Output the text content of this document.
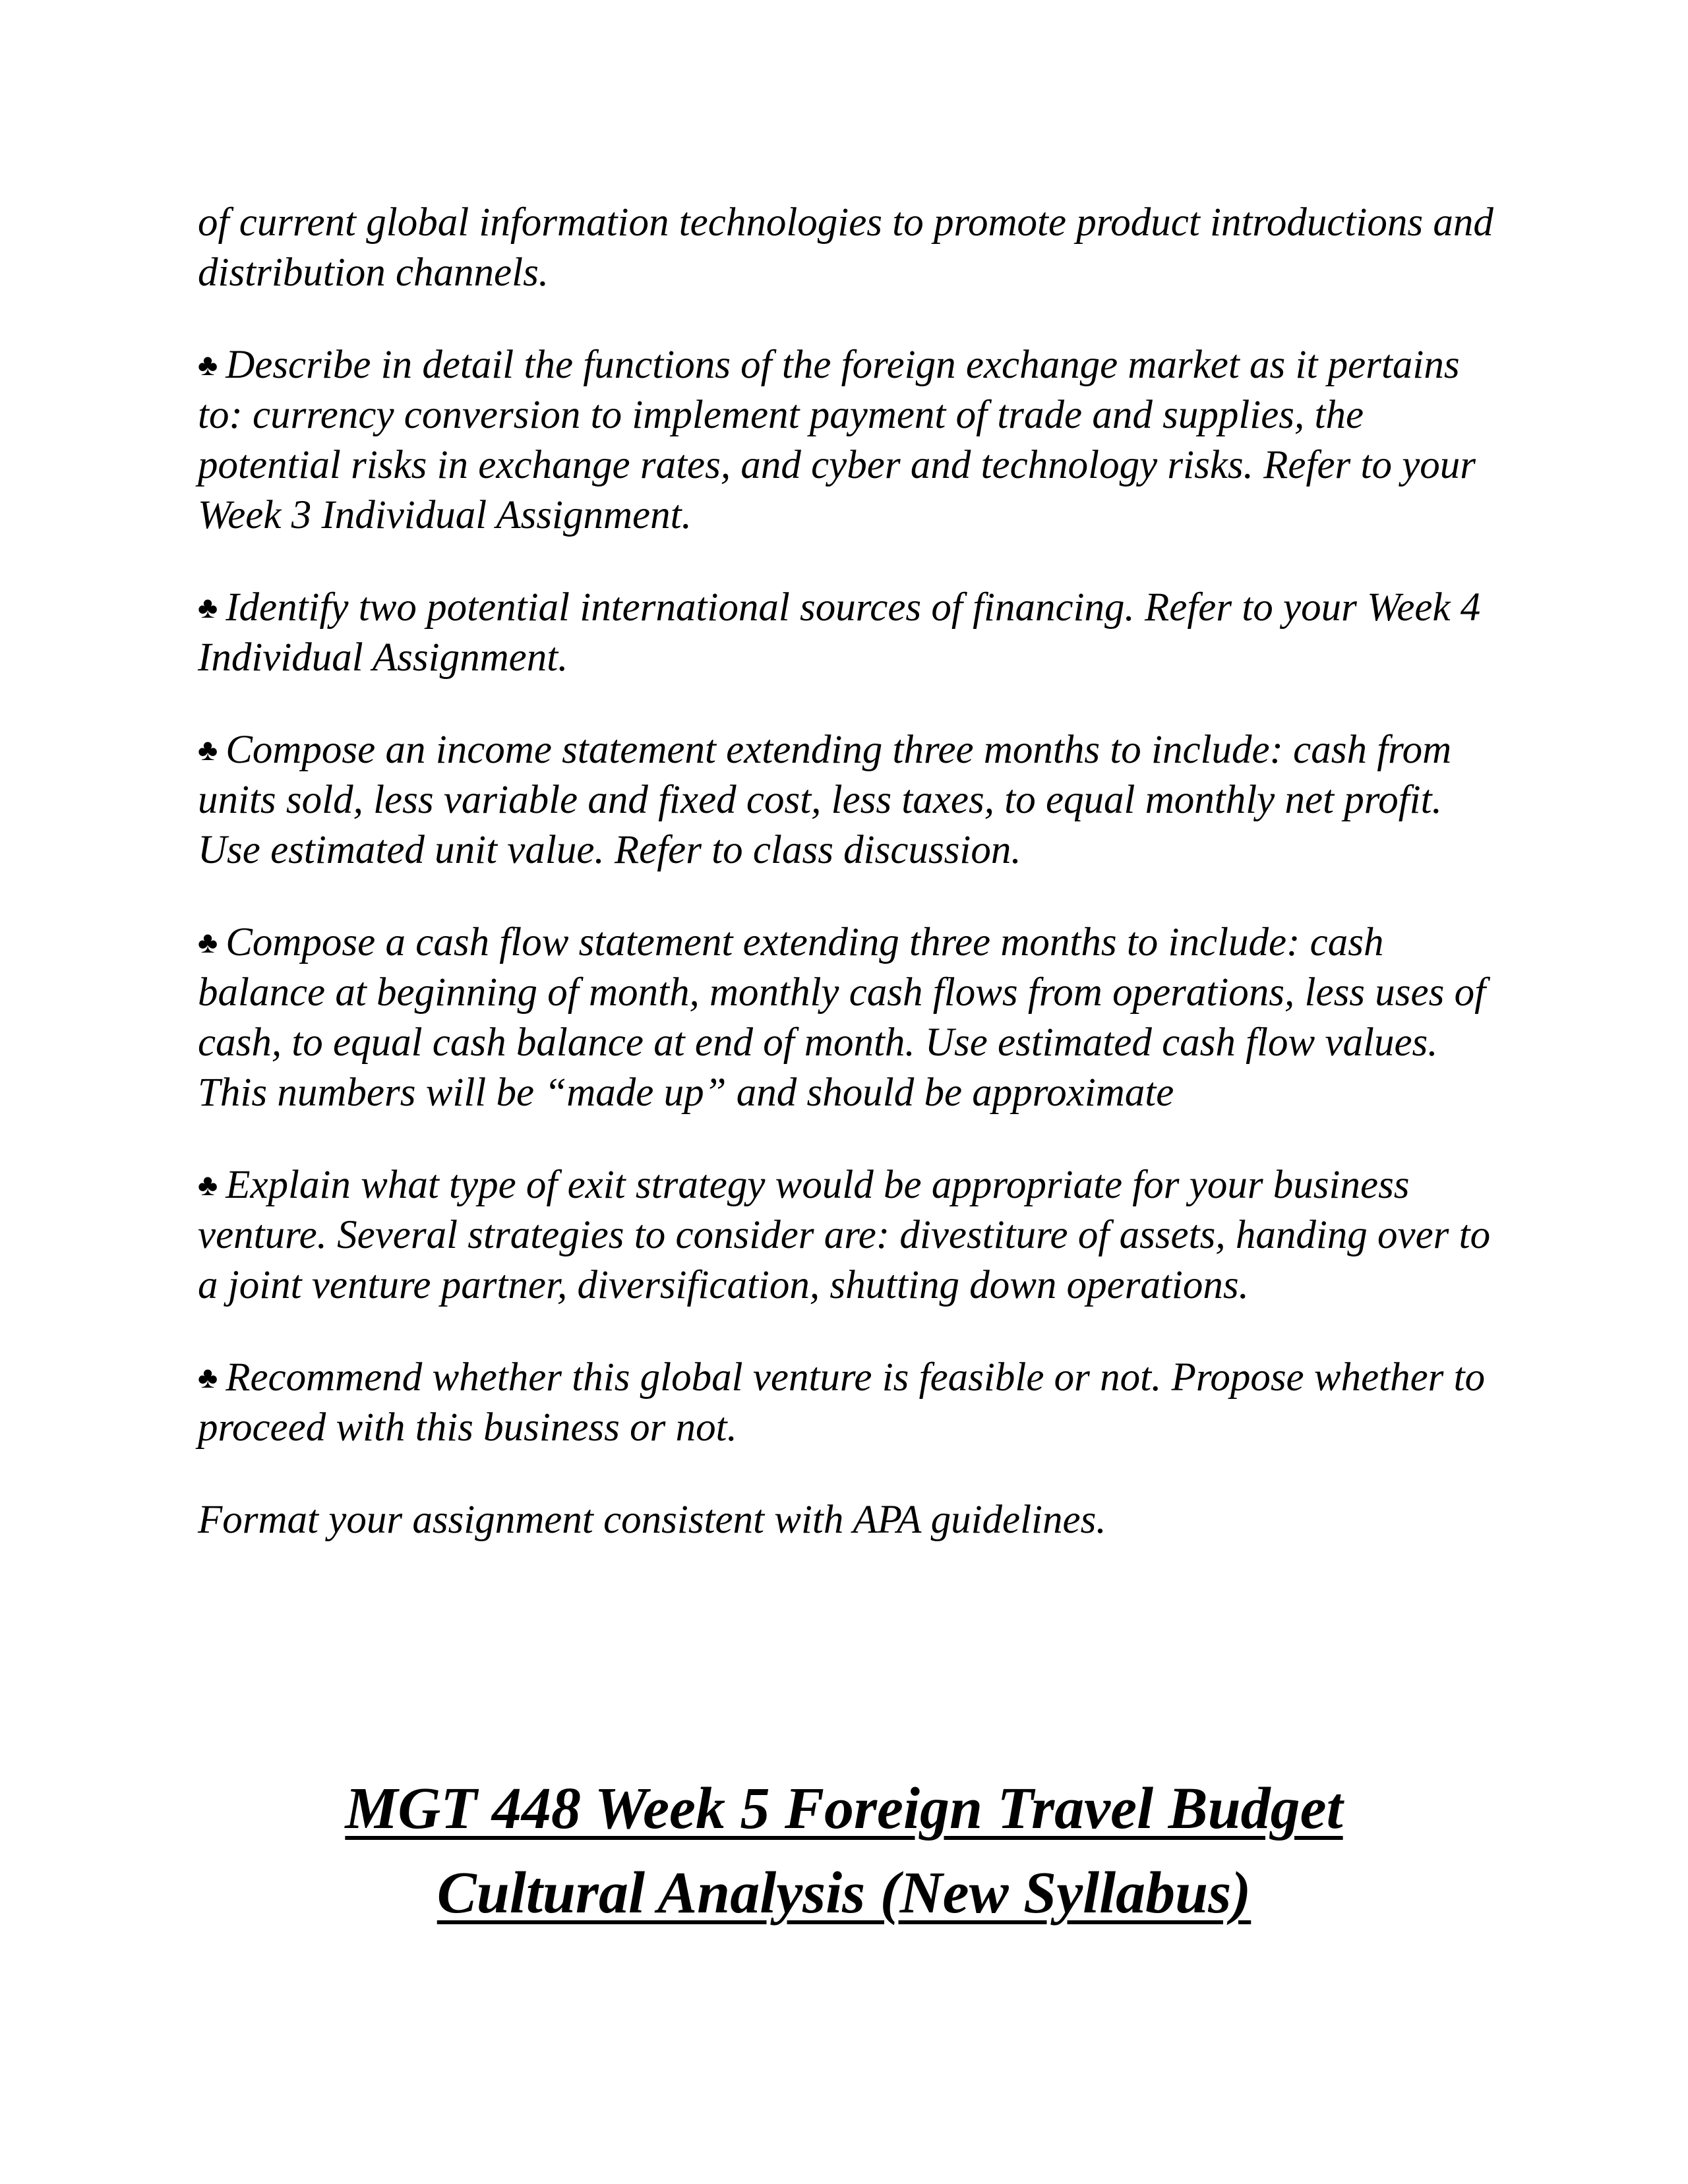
of current global information technologies to promote product introductions and distribution channels.

♣ Describe in detail the functions of the foreign exchange market as it pertains to: currency conversion to implement payment of trade and supplies, the potential risks in exchange rates, and cyber and technology risks. Refer to your Week 3 Individual Assignment.

♣ Identify two potential international sources of financing. Refer to your Week 4 Individual Assignment.

♣ Compose an income statement extending three months to include: cash from units sold, less variable and fixed cost, less taxes, to equal monthly net profit. Use estimated unit value. Refer to class discussion.

♣ Compose a cash flow statement extending three months to include: cash balance at beginning of month, monthly cash flows from operations, less uses of cash, to equal cash balance at end of month. Use estimated cash flow values. This numbers will be “made up” and should be approximate

♣ Explain what type of exit strategy would be appropriate for your business venture. Several strategies to consider are: divestiture of assets, handing over to a joint venture partner, diversification, shutting down operations.

♣ Recommend whether this global venture is feasible or not. Propose whether to proceed with this business or not.

Format your assignment consistent with APA guidelines.

MGT 448 Week 5 Foreign Travel Budget
Cultural Analysis (New Syllabus)
